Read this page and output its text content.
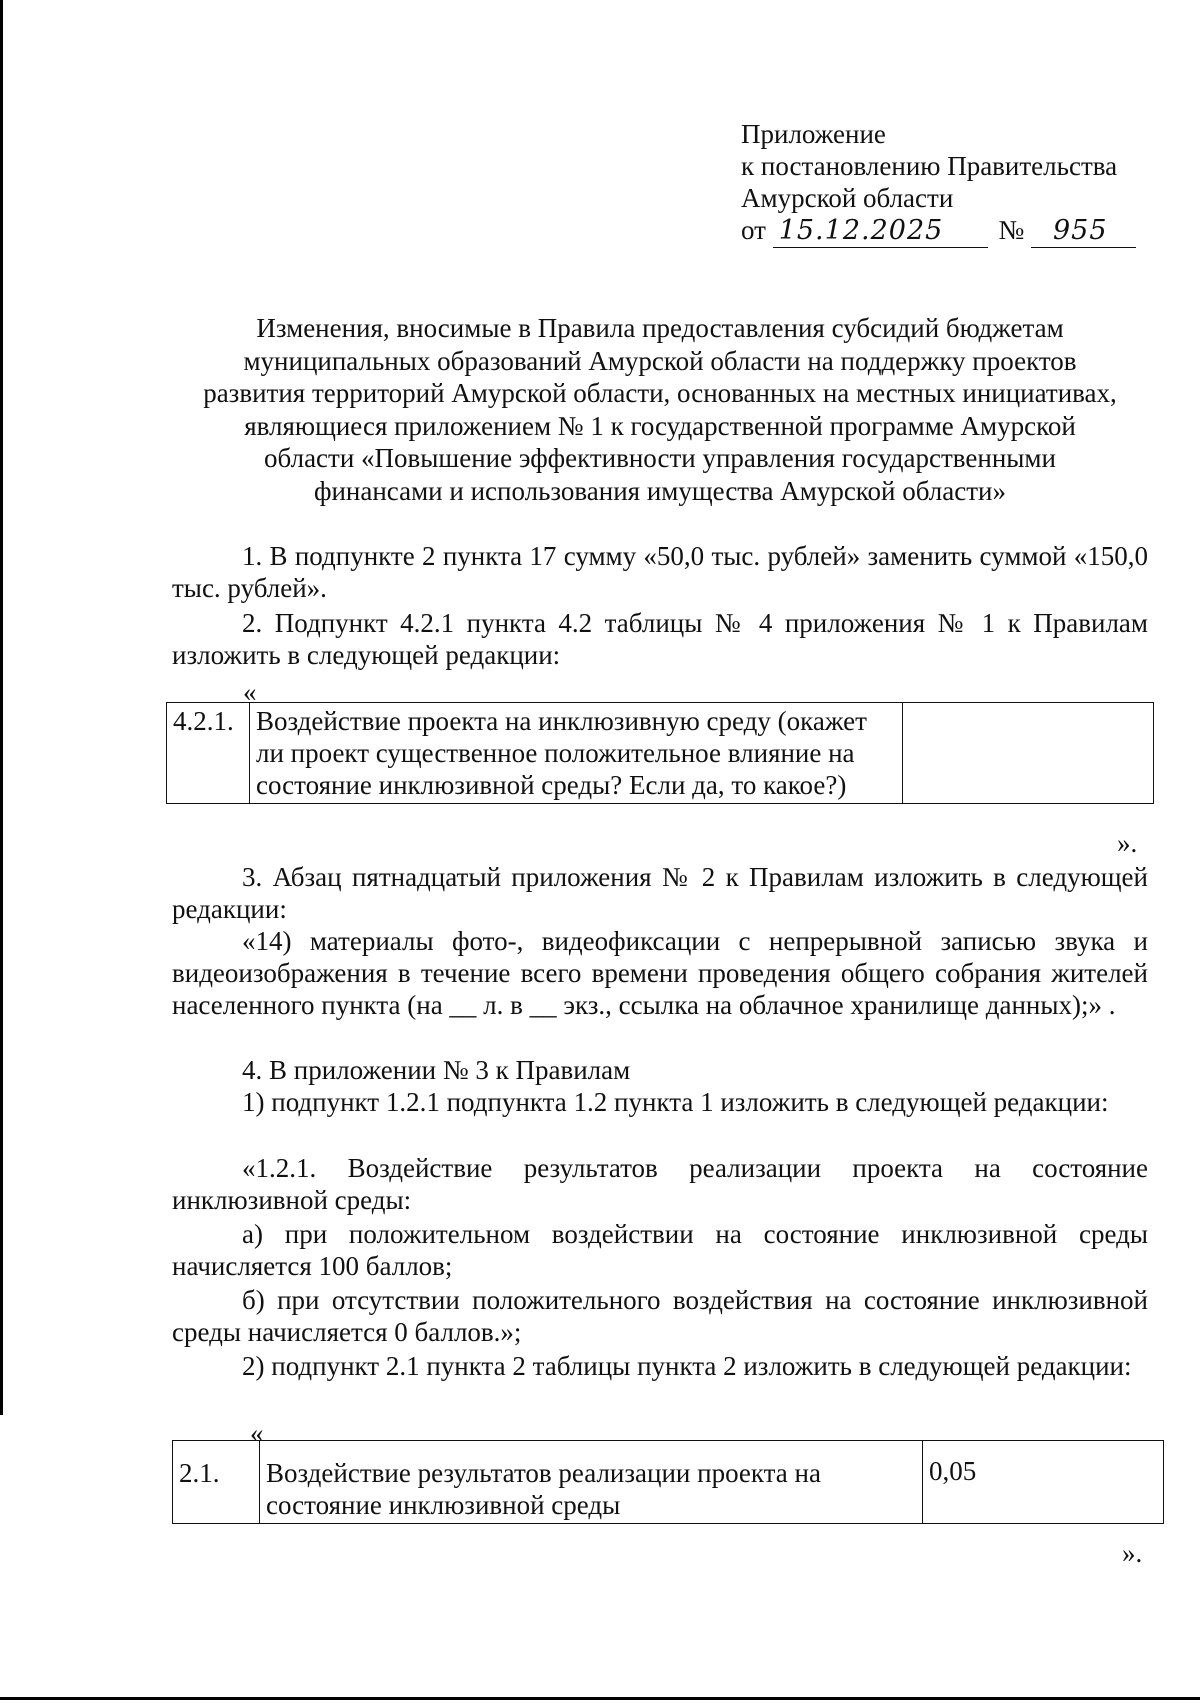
Приложение
к постановлению Правительства
Амурской области
от 15.12.2025 № 955
Изменения, вносимые в Правила предоставления субсидий бюджетам
муниципальных образований Амурской области на поддержку проектов
развития территорий Амурской области, основанных на местных инициативах,
являющиеся приложением № 1 к государственной программе Амурской
области «Повышение эффективности управления государственными
финансами и использования имущества Амурской области»
1. В подпункте 2 пункта 17 сумму «50,0 тыс. рублей» заменить суммой «150,0 тыс. рублей».
2. Подпункт 4.2.1 пункта 4.2 таблицы № 4 приложения № 1 к Правилам изложить в следующей редакции:
«
4.2.1.	Воздействие проекта на инклюзивную среду (окажет ли проект существенное положительное влияние на состояние инклюзивной среды? Если да, то какое?)	
».
3. Абзац пятнадцатый приложения № 2 к Правилам изложить в следующей редакции:
«14) материалы фото-, видеофиксации с непрерывной записью звука и видеоизображения в течение всего времени проведения общего собрания жителей населенного пункта (на __ л. в __ экз., ссылка на облачное хранилище данных);» .
4. В приложении № 3 к Правилам
1) подпункт 1.2.1 подпункта 1.2 пункта 1 изложить в следующей редакции:
«1.2.1. Воздействие результатов реализации проекта на состояние инклюзивной среды:
а) при положительном воздействии на состояние инклюзивной среды начисляется 100 баллов;
б) при отсутствии положительного воздействия на состояние инклюзивной среды начисляется 0 баллов.»;
2) подпункт 2.1 пункта 2 таблицы пункта 2 изложить в следующей редакции:
«
2.1.	Воздействие результатов реализации проекта на состояние инклюзивной среды	0,05
».
